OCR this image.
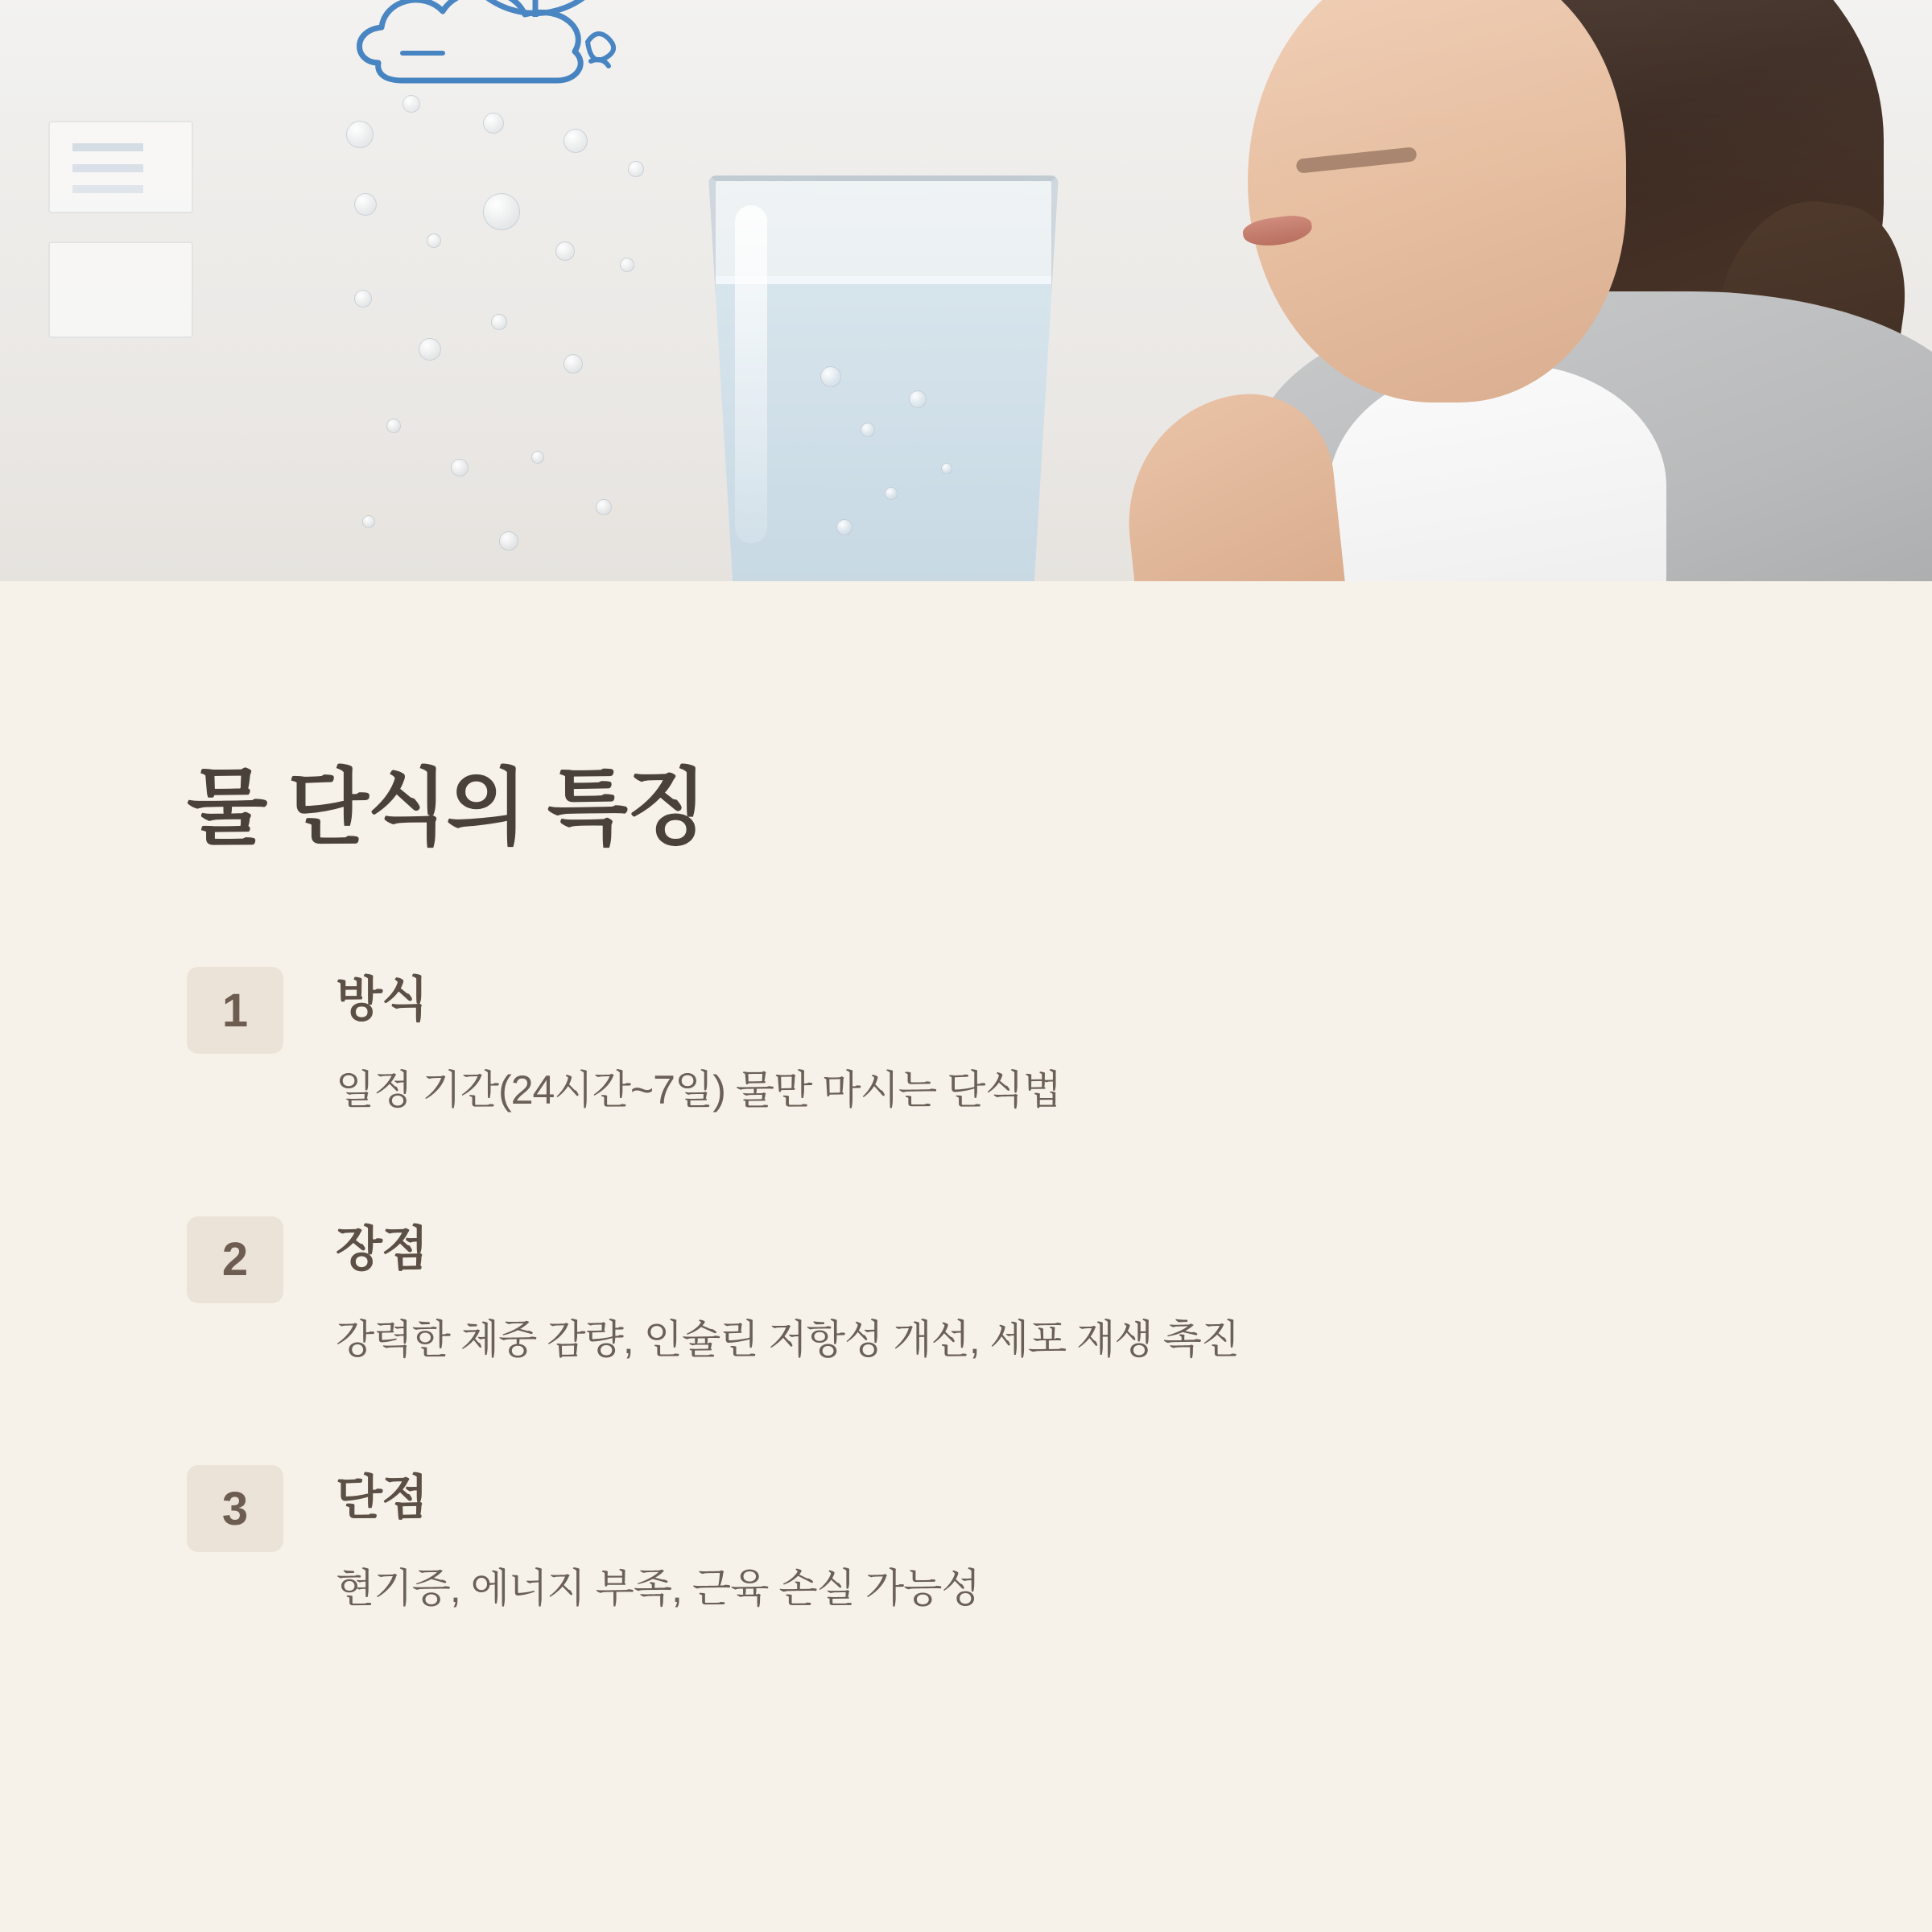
물 단식의 특징
1	방식
일정 기간(24시간~7일) 물만 마시는 단식법
2	장점
강력한 체중 감량, 인슐린 저항성 개선, 세포 재생 촉진
3	단점
현기증, 에너지 부족, 근육 손실 가능성
